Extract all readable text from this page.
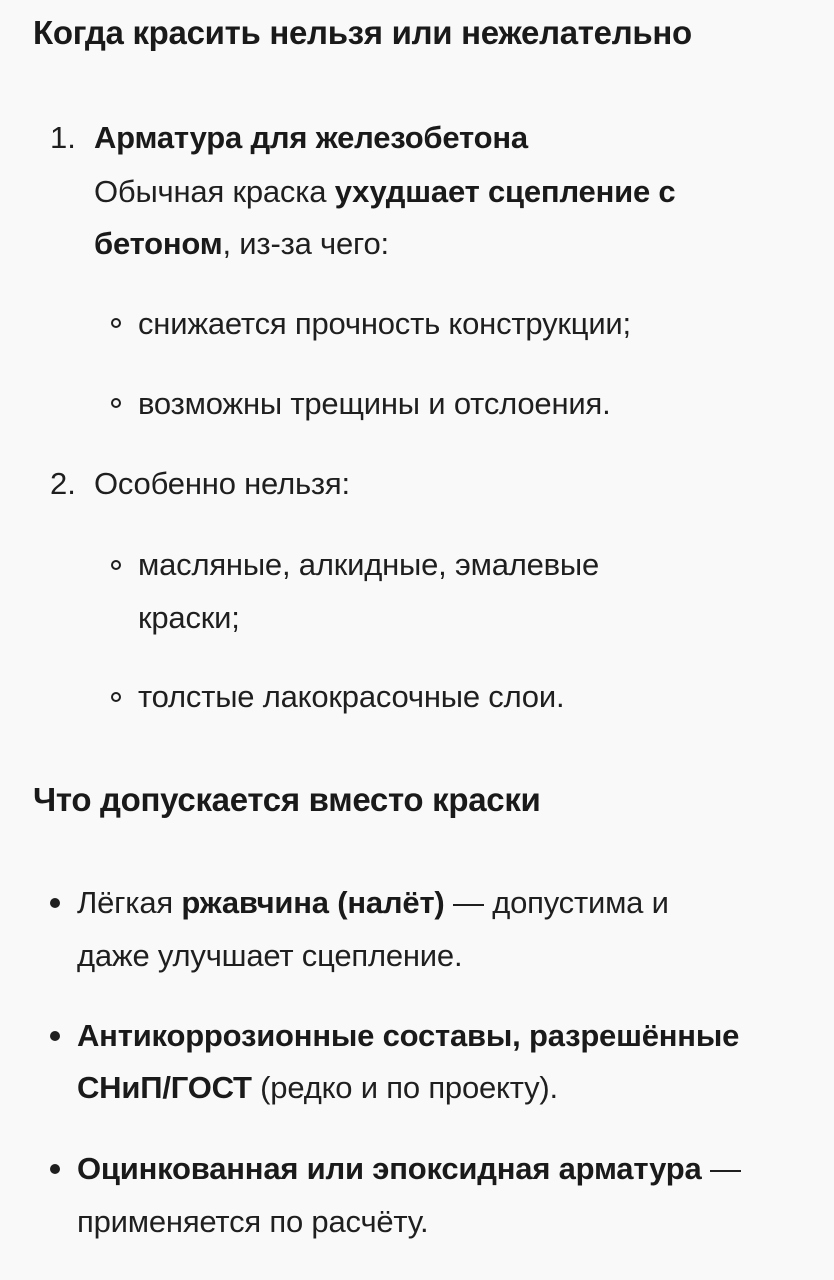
Когда красить нельзя или нежелательно
1. Арматура для железобетона
Обычная краска ухудшает сцепление с
бетоном, из-за чего:
снижается прочность конструкции;
возможны трещины и отслоения.
2. Особенно нельзя:
масляные, алкидные, эмалевые
краски;
толстые лакокрасочные слои.
Что допускается вместо краски
Лёгкая ржавчина (налёт) — допустима и
даже улучшает сцепление.
Антикоррозионные составы, разрешённые
СНиП/ГОСТ (редко и по проекту).
Оцинкованная или эпоксидная арматура —
применяется по расчёту.
